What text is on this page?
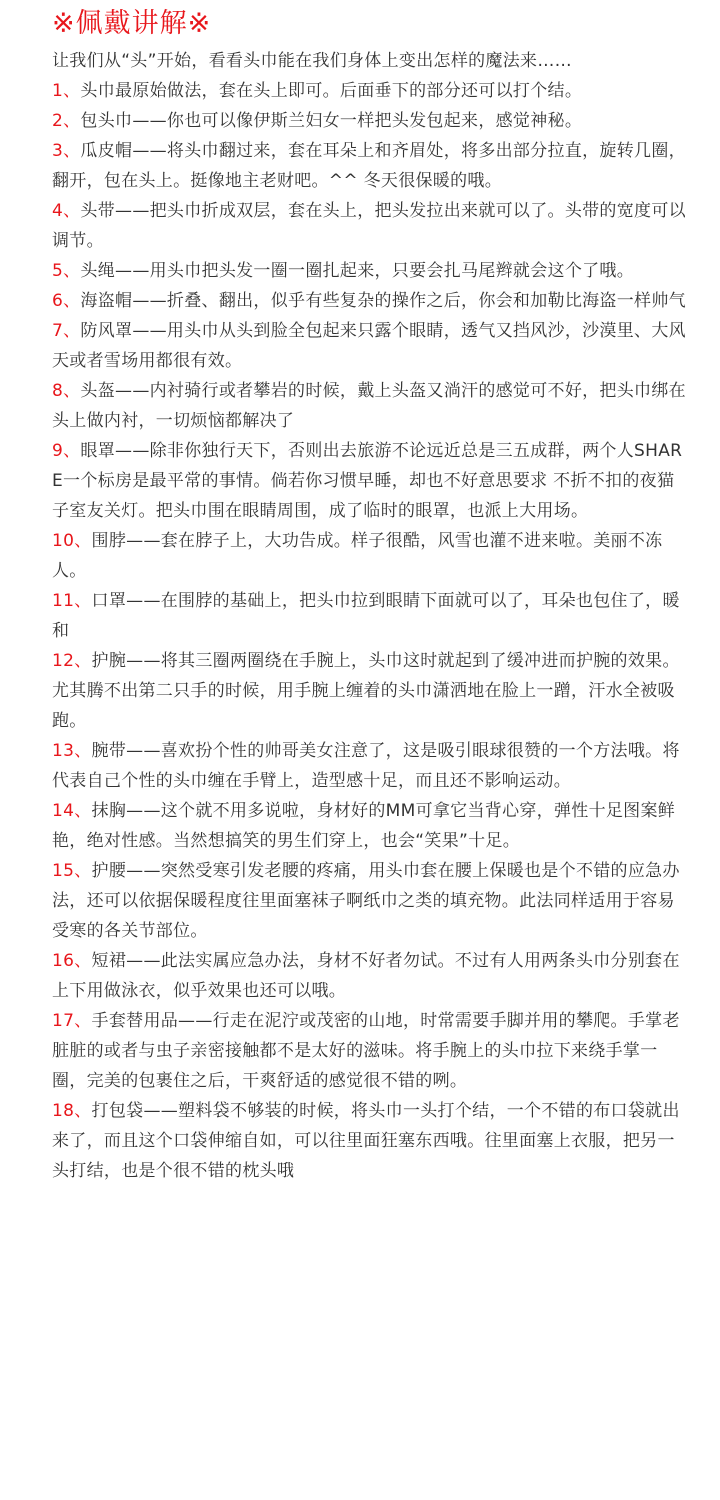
※佩戴讲解※
让我们从“头”开始，看看头巾能在我们身体上变出怎样的魔法来……
1、头巾最原始做法，套在头上即可。后面垂下的部分还可以打个结。
2、包头巾——你也可以像伊斯兰妇女一样把头发包起来，感觉神秘。
3、瓜皮帽——将头巾翻过来，套在耳朵上和齐眉处，将多出部分拉直，旋转几圈，翻开，包在头上。挺像地主老财吧。^^ 冬天很保暖的哦。
4、头带——把头巾折成双层，套在头上，把头发拉出来就可以了。头带的宽度可以调节。
5、头绳——用头巾把头发一圈一圈扎起来，只要会扎马尾辫就会这个了哦。
6、海盗帽——折叠、翻出，似乎有些复杂的操作之后，你会和加勒比海盗一样帅气
7、防风罩——用头巾从头到脸全包起来只露个眼睛，透气又挡风沙，沙漠里、大风天或者雪场用都很有效。
8、头盔——内衬骑行或者攀岩的时候，戴上头盔又淌汗的感觉可不好，把头巾绑在头上做内衬，一切烦恼都解决了
9、眼罩——除非你独行天下，否则出去旅游不论远近总是三五成群，两个人SHARE一个标房是最平常的事情。倘若你习惯早睡，却也不好意思要求 不折不扣的夜猫子室友关灯。把头巾围在眼睛周围，成了临时的眼罩，也派上大用场。
10、围脖——套在脖子上，大功告成。样子很酷，风雪也灌不进来啦。美丽不冻人。
11、口罩——在围脖的基础上，把头巾拉到眼睛下面就可以了，耳朵也包住了，暖和
12、护腕——将其三圈两圈绕在手腕上，头巾这时就起到了缓冲进而护腕的效果。尤其腾不出第二只手的时候，用手腕上缠着的头巾潇洒地在脸上一蹭，汗水全被吸跑。
13、腕带——喜欢扮个性的帅哥美女注意了，这是吸引眼球很赞的一个方法哦。将代表自己个性的头巾缠在手臂上，造型感十足，而且还不影响运动。
14、抹胸——这个就不用多说啦，身材好的MM可拿它当背心穿，弹性十足图案鲜艳，绝对性感。当然想搞笑的男生们穿上，也会“笑果”十足。
15、护腰——突然受寒引发老腰的疼痛，用头巾套在腰上保暖也是个不错的应急办法，还可以依据保暖程度往里面塞袜子啊纸巾之类的填充物。此法同样适用于容易受寒的各关节部位。
16、短裙——此法实属应急办法，身材不好者勿试。不过有人用两条头巾分别套在上下用做泳衣，似乎效果也还可以哦。
17、手套替用品——行走在泥泞或茂密的山地，时常需要手脚并用的攀爬。手掌老脏脏的或者与虫子亲密接触都不是太好的滋味。将手腕上的头巾拉下来绕手掌一圈，完美的包裹住之后，干爽舒适的感觉很不错的咧。
18、打包袋——塑料袋不够装的时候，将头巾一头打个结，一个不错的布口袋就出来了，而且这个口袋伸缩自如，可以往里面狂塞东西哦。往里面塞上衣服，把另一头打结，也是个很不错的枕头哦
